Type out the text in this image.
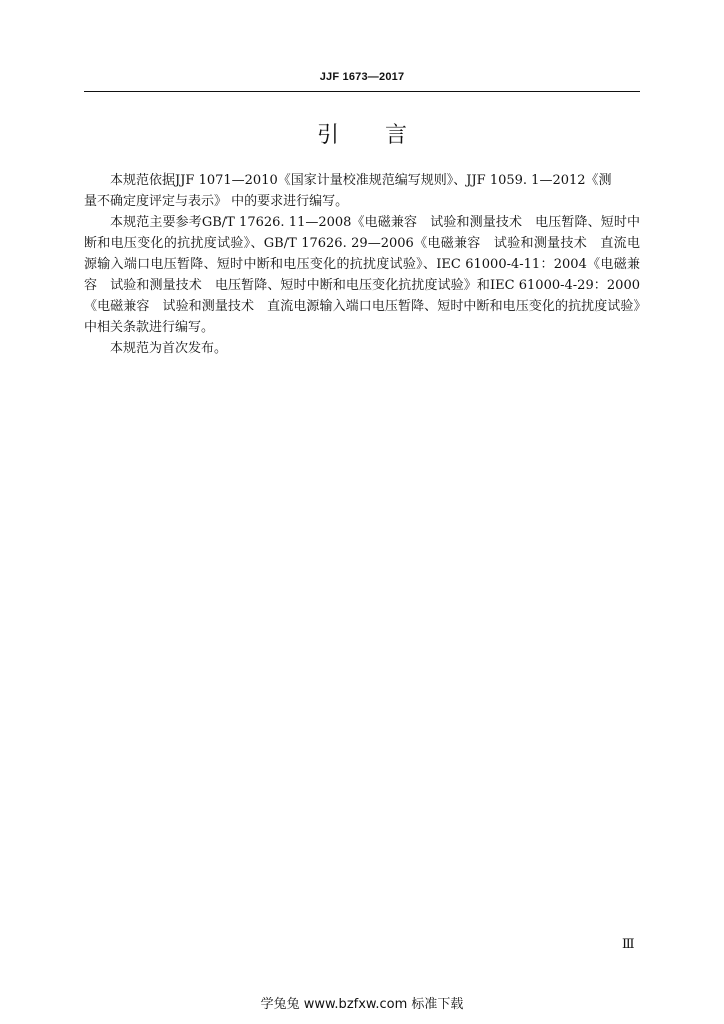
JJF 1673—2017
引言

本规范依据JJF 1071—2010《国家计量校准规范编写规则》、JJF 1059. 1—2012《测

量不确定度评定与表示》 中的要求进行编写。

本规范主要参考GB/T 17626. 11—2008《电磁兼容　试验和测量技术　电压暂降、短时中断和电压变化的抗扰度试验》、GB/T 17626. 29—2006《电磁兼容　试验和测量技术　直流电源输入端口电压暂降、短时中断和电压变化的抗扰度试验》、IEC 61000-4-11：2004《电磁兼容　试验和测量技术　电压暂降、短时中断和电压变化抗扰度试验》和IEC 61000-4-29：2000《电磁兼容　试验和测量技术　直流电源输入端口电压暂降、短时中断和电压变化的抗扰度试验》中相关条款进行编写。

本规范为首次发布。

Ⅲ
学兔兔 www.bzfxw.com 标准下载
